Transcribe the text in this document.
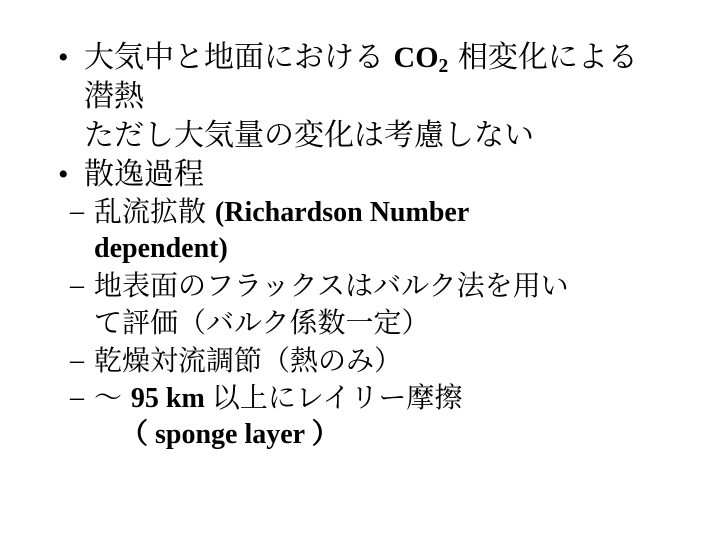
• 大気中と地面における $CO_2$ 相変化による
潜熱
ただし大気量の変化は考慮しない
• 散逸過程
– 乱流拡散 (Richardson Number
dependent)
– 地表面のフラックスはバルク法を用い
て評価（バルク係数一定）
– 乾燥対流調節（熱のみ）
– 〜 95 km 以上にレイリー摩擦
（ sponge layer ）
